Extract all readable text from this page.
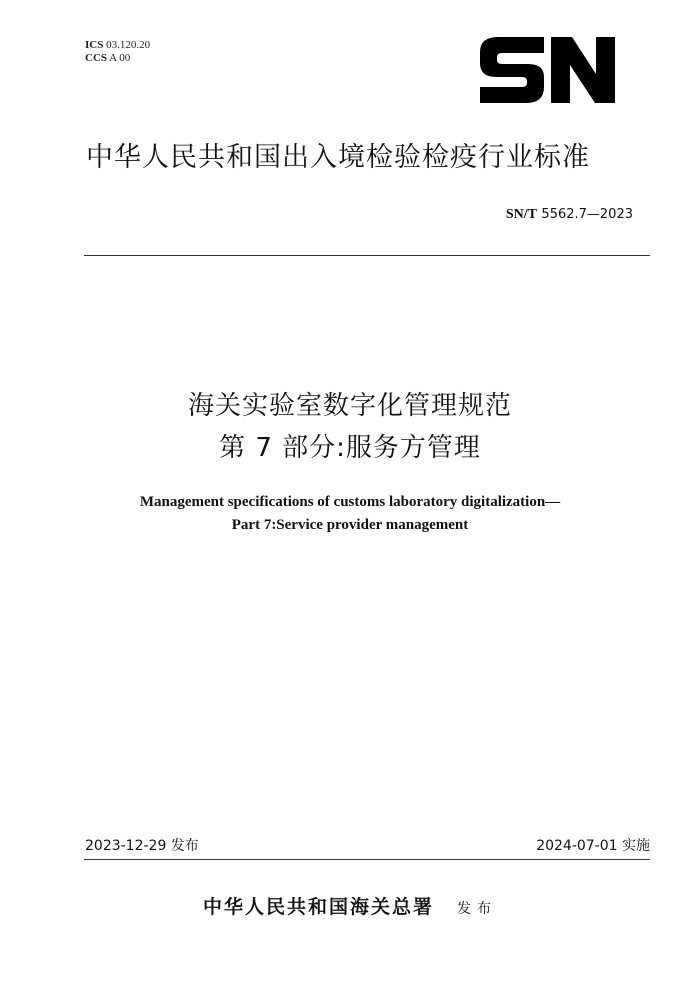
ICS 03.120.20
CCS A 00
中华人民共和国出入境检验检疫行业标准
SN/T 5562.7—2023
海关实验室数字化管理规范
第 7 部分:服务方管理
Management specifications of customs laboratory digitalization—
Part 7:Service provider management
2023-12-29 发布	2024-07-01 实施
中华人民共和国海关总署 发布
